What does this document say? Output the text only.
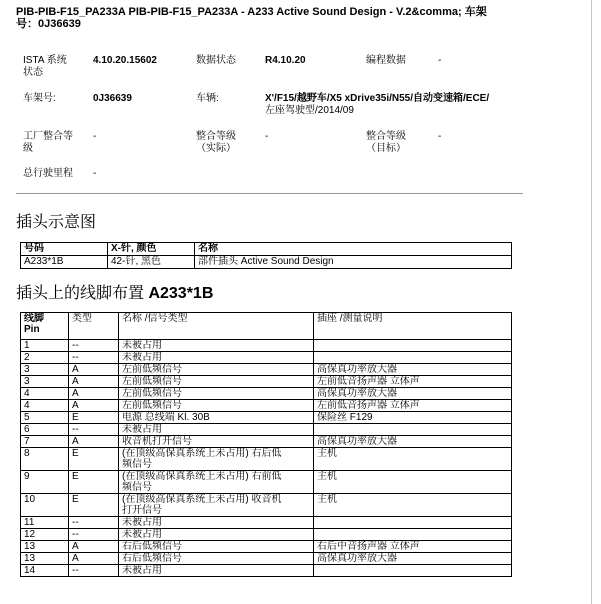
PIB-PIB-F15_PA233A PIB-PIB-F15_PA233A - A233 Active Sound Design - V.2&comma; 车架
号：0J36639
ISTA 系统
状态
4.10.20.15602	数据状态	R4.10.20	编程数据	-
车架号:	0J36639	车辆:	X'/F15/越野车/X5 xDrive35i/N55/自动变速箱/ECE/
左座驾驶型/2014/09
工厂整合等
级
-	整合等级
（实际）
-	整合等级
（目标）
-
总行驶里程 -
插头示意图
号码	X-针, 颜色	名称
A233*1B	42-针, 黑色	部件插头 Active Sound Design
插头上的线脚布置 A233*1B
线脚
Pin	类型	名称 /信号类型	插座 /测量说明

1	--	未被占用	

2	--	未被占用	

3	A	左前低频信号	高保真功率放大器

3	A	左前低频信号	左前低音扬声器 立体声

4	A	左前低频信号	高保真功率放大器

4	A	左前低频信号	左前低音扬声器 立体声

5	E	电源 总线端 Kl. 30B	保险丝 F129

6	--	未被占用	

7	A	收音机打开信号	高保真功率放大器

8	E	(在顶级高保真系统上未占用) 右后低
频信号	主机

9	E	(在顶级高保真系统上未占用) 右前低
频信号	主机

10	E	(在顶级高保真系统上未占用) 收音机
打开信号	主机

11	--	未被占用	

12	--	未被占用	

13	A	右后低频信号	右后中音扬声器 立体声

13	A	右后低频信号	高保真功率放大器

14	--	未被占用	
